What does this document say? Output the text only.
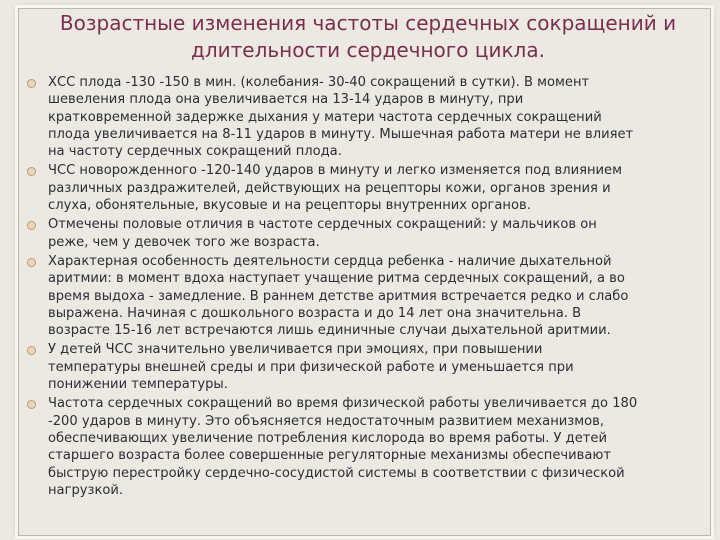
Возрастные изменения частоты сердечных сокращений и
длительности сердечного цикла.
ХСС плода -130 -150 в мин. (колебания- 30-40 сокращений в сутки). В момент
шевеления плода она увеличивается на 13-14 ударов в минуту, при
кратковременной задержке дыхания у матери частота сердечных сокращений
плода увеличивается на 8-11 ударов в минуту. Мышечная работа матери не влияет
на частоту сердечных сокращений плода.
ЧСС новорожденного -120-140 ударов в минуту и легко изменяется под влиянием
различных раздражителей, действующих на рецепторы кожи, органов зрения и
слуха, обонятельные, вкусовые и на рецепторы внутренних органов.
Отмечены половые отличия в частоте сердечных сокращений: у мальчиков он
реже, чем у девочек того же возраста.
Характерная особенность деятельности сердца ребенка - наличие дыхательной
аритмии: в момент вдоха наступает учащение ритма сердечных сокращений, а во
время выдоха - замедление. В раннем детстве аритмия встречается редко и слабо
выражена. Начиная с дошкольного возраста и до 14 лет она значительна. В
возрасте 15-16 лет встречаются лишь единичные случаи дыхательной аритмии.
У детей ЧСС значительно увеличивается при эмоциях, при повышении
температуры внешней среды и при физической работе и уменьшается при
понижении температуры.
Частота сердечных сокращений во время физической работы увеличивается до 180
-200 ударов в минуту. Это объясняется недостаточным развитием механизмов,
обеспечивающих увеличение потребления кислорода во время работы. У детей
старшего возраста более совершенные регуляторные механизмы обеспечивают
быструю перестройку сердечно-сосудистой системы в соответствии с физической
нагрузкой.
